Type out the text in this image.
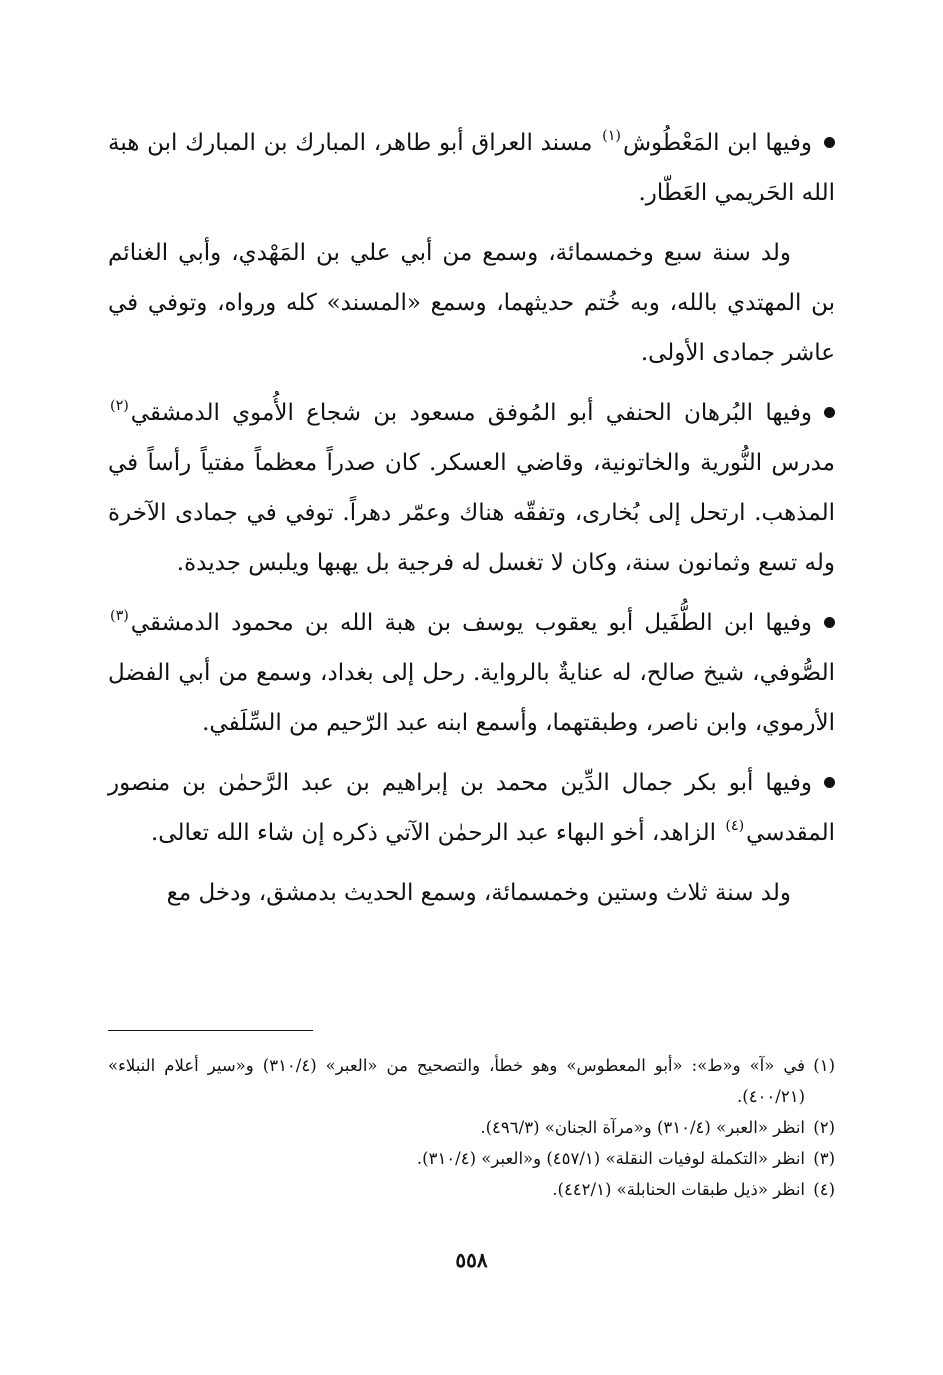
وفيها ابن المَعْطُوش$^{(١)}$ مسند العراق أبو طاهر، المبارك بن المبارك ابن هبة الله الحَريمي العَطّار.

ولد سنة سبع وخمسمائة، وسمع من أبي علي بن المَهْدي، وأبي الغنائم بن المهتدي بالله، وبه خُتم حديثهما، وسمع «المسند» كله ورواه، وتوفي في عاشر جمادى الأولى.

وفيها البُرهان الحنفي أبو المُوفق مسعود بن شجاع الأُموي الدمشقي$^{(٢)}$ مدرس النُّورية والخاتونية، وقاضي العسكر. كان صدراً معظماً مفتياً رأساً في المذهب. ارتحل إلى بُخارى، وتفقّه هناك وعمّر دهراً. توفي في جمادى الآخرة وله تسع وثمانون سنة، وكان لا تغسل له فرجية بل يهبها ويلبس جديدة.

وفيها ابن الطُّفَيل أبو يعقوب يوسف بن هبة الله بن محمود الدمشقي$^{(٣)}$ الصُّوفي، شيخ صالح، له عنايةٌ بالرواية. رحل إلى بغداد، وسمع من أبي الفضل الأرموي، وابن ناصر، وطبقتهما، وأسمع ابنه عبد الرّحيم من السِّلَفي.

وفيها أبو بكر جمال الدِّين محمد بن إبراهيم بن عبد الرَّحمٰن بن منصور المقدسي$^{(٤)}$ الزاهد، أخو البهاء عبد الرحمٰن الآتي ذكره إن شاء الله تعالى.

ولد سنة ثلاث وستين وخمسمائة، وسمع الحديث بدمشق، ودخل مع

(١)في «آ» و«ط»: «أبو المعطوس» وهو خطأ، والتصحيح من «العبر» (٣١٠/٤) و«سير أعلام النبلاء» (٤٠٠/٢١).

(٢)انظر «العبر» (٣١٠/٤) و«مرآة الجنان» (٤٩٦/٣).

(٣)انظر «التكملة لوفيات النقلة» (٤٥٧/١) و«العبر» (٣١٠/٤).

(٤)انظر «ذيل طبقات الحنابلة» (٤٤٢/١).

٥٥٨
